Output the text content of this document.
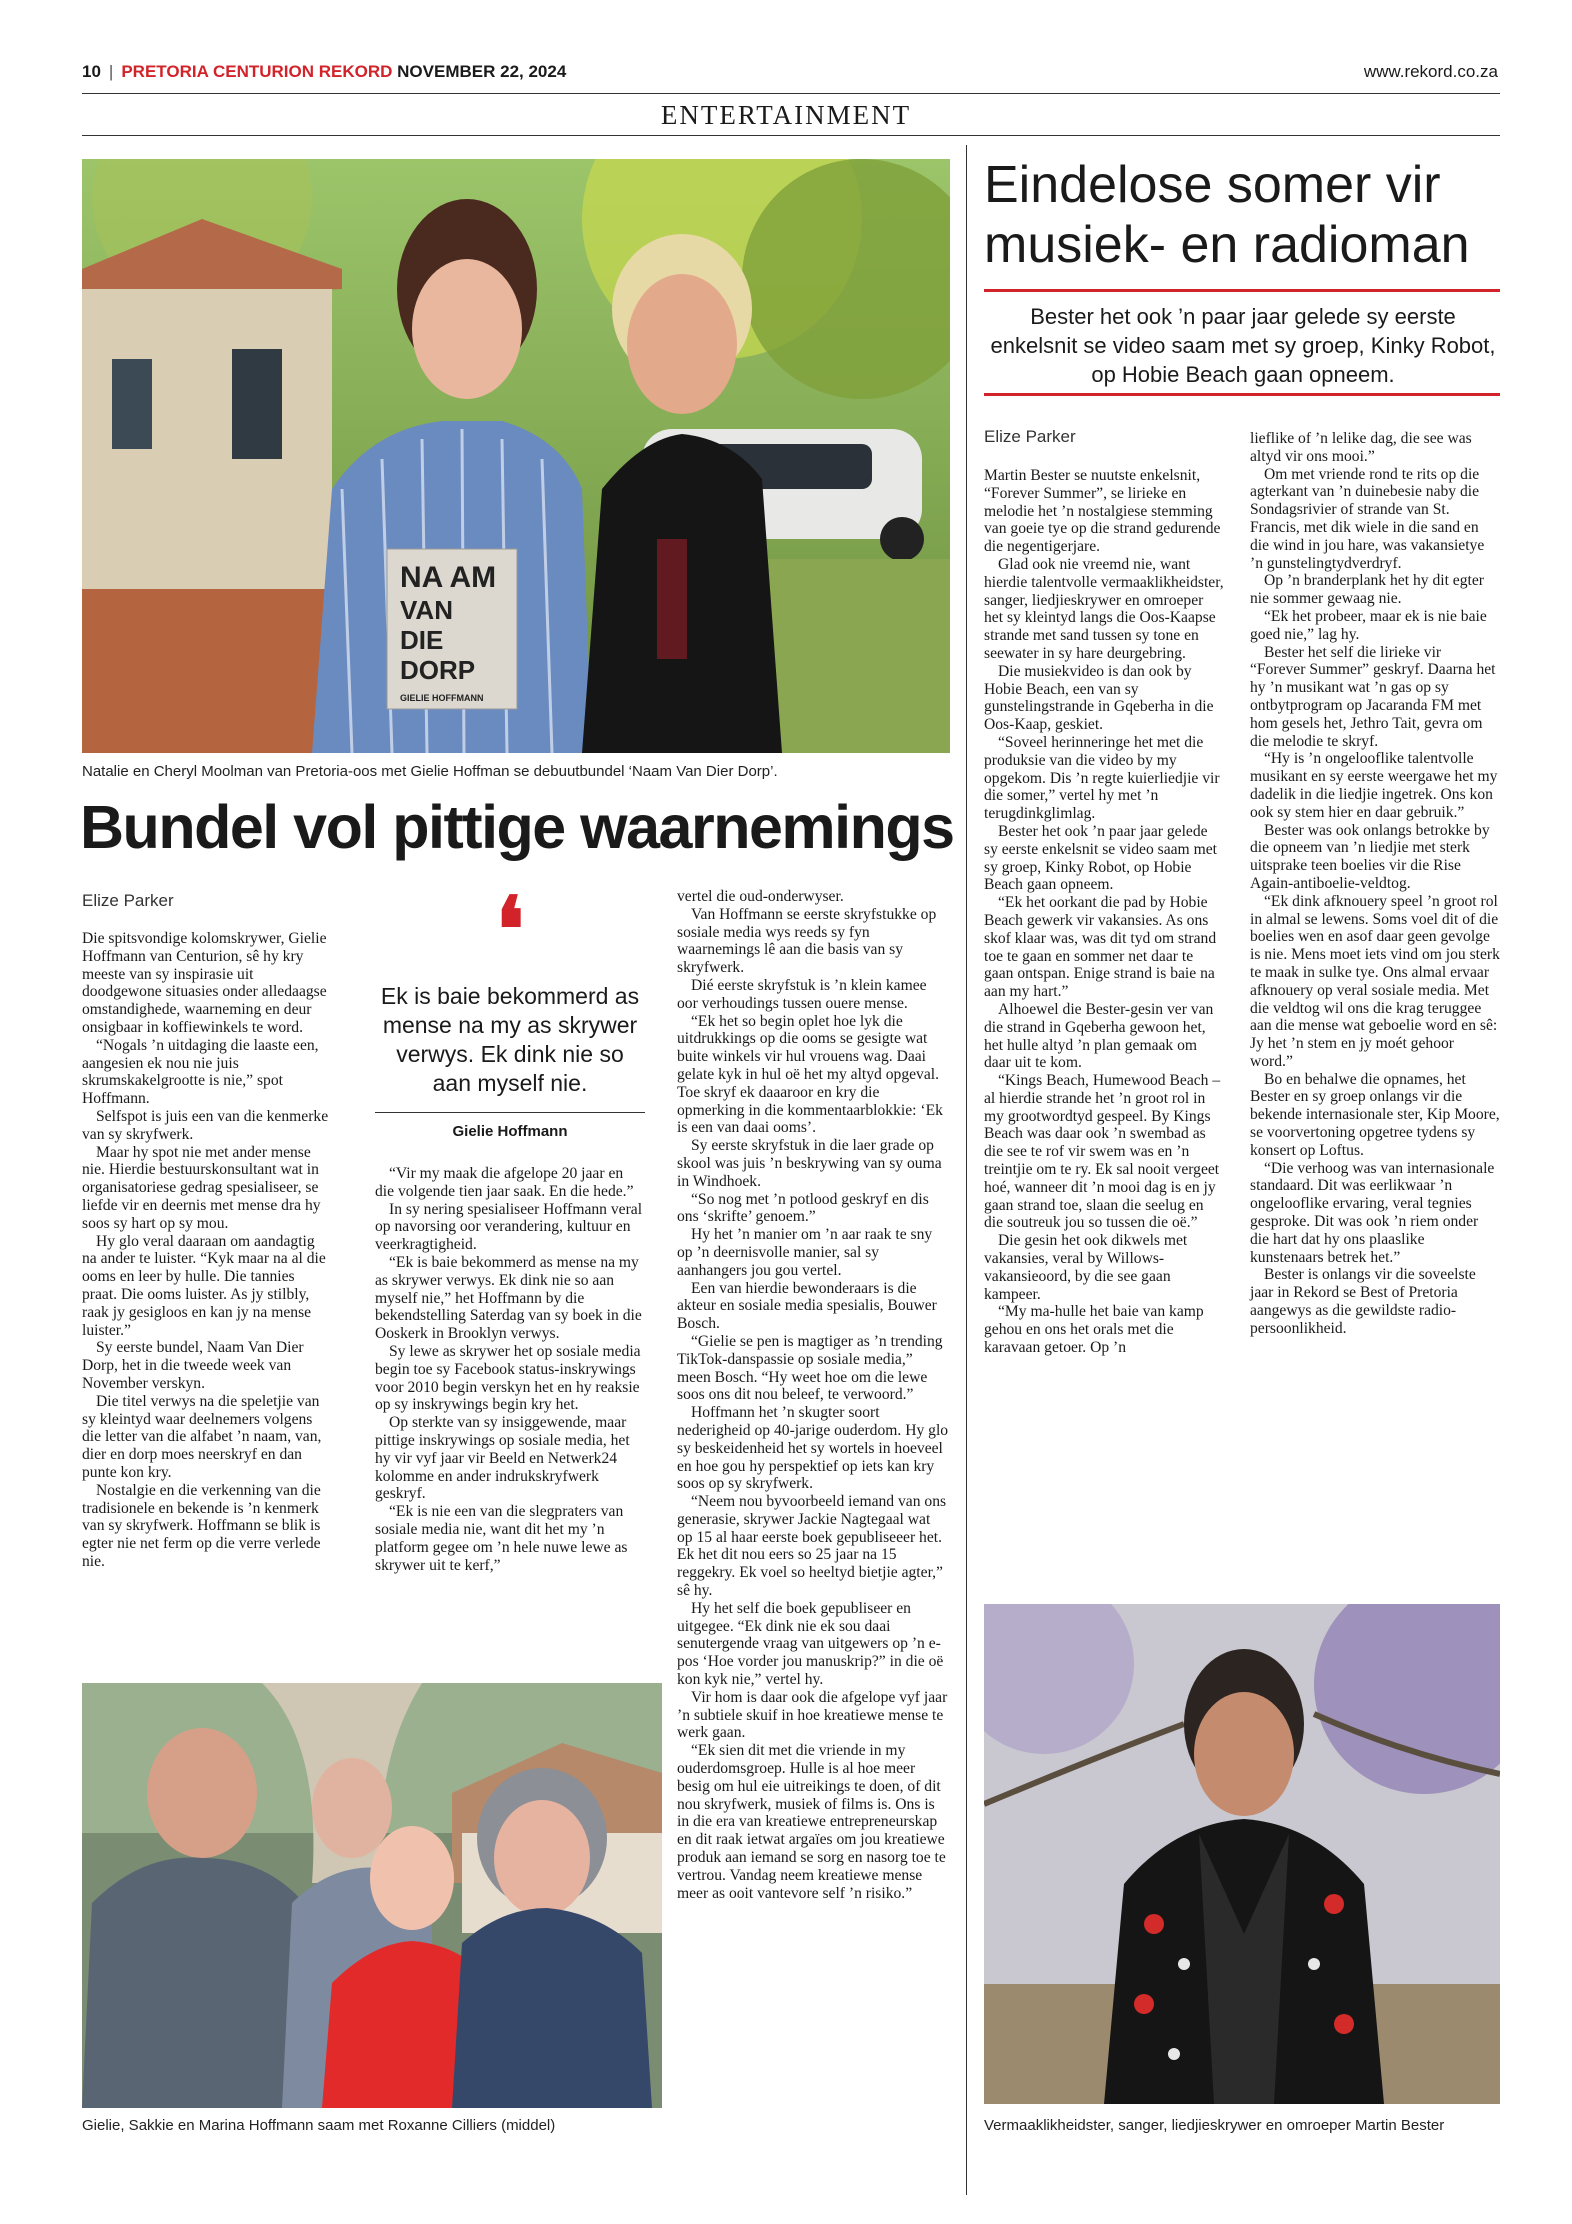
10 | PRETORIA CENTURION REKORD NOVEMBER 22, 2024	www.rekord.co.za
ENTERTAINMENT
NA AM
VAN
DIE
DORP
GIELIE HOFFMANN
Natalie en Cheryl Moolman van Pretoria-oos met Gielie Hoffman se debuutbundel ‘Naam Van Dier Dorp’.
Bundel vol pittige waarnemings
Elize Parker

Die spitsvondige kolomskrywer, Gielie Hoffmann van Centurion, sê hy kry meeste van sy inspirasie uit doodgewone situasies onder alledaagse omstandighede, waarneming en deur onsigbaar in koffiewinkels te word.

“Nogals ’n uitdaging die laaste een, aangesien ek nou nie juis skrumskakelgrootte is nie,” spot Hoffmann.

Selfspot is juis een van die kenmerke van sy skryfwerk.

Maar hy spot nie met ander mense nie. Hierdie bestuurskonsultant wat in organisatoriese gedrag spesialiseer, se liefde vir en deernis met mense dra hy soos sy hart op sy mou.

Hy glo veral daaraan om aandagtig na ander te luister. “Kyk maar na al die ooms en leer by hulle. Die tannies praat. Die ooms luister. As jy stilbly, raak jy gesigloos en kan jy na mense luister.”

Sy eerste bundel, Naam Van Dier Dorp, het in die tweede week van November verskyn.

Die titel verwys na die speletjie van sy kleintyd waar deelnemers volgens die letter van die alfabet ’n naam, van, dier en dorp moes neerskryf en dan punte kon kry.

Nostalgie en die verkenning van die tradisionele en bekende is ’n kenmerk van sy skryfwerk. Hoffmann se blik is egter nie net ferm op die verre verlede nie.

❛
Ek is baie bekommerd as mense na my as skrywer verwys. Ek dink nie so aan myself nie.
Gielie Hoffmann

“Vir my maak die afgelope 20 jaar en die volgende tien jaar saak. En die hede.”

In sy nering spesialiseer Hoffmann veral op navorsing oor verandering, kultuur en veerkragtigheid.

“Ek is baie bekommerd as mense na my as skrywer verwys. Ek dink nie so aan myself nie,” het Hoffmann by die bekendstelling Saterdag van sy boek in die Ooskerk in Brooklyn verwys.

Sy lewe as skrywer het op sosiale media begin toe sy Facebook status-inskrywings voor 2010 begin verskyn het en hy reaksie op sy inskrywings begin kry het.

Op sterkte van sy insiggewende, maar pittige inskrywings op sosiale media, het hy vir vyf jaar vir Beeld en Netwerk24 kolomme en ander indrukskryfwerk geskryf.

“Ek is nie een van die slegpraters van sosiale media nie, want dit het my ’n platform gegee om ’n hele nuwe lewe as skrywer uit te kerf,”

vertel die oud-onderwyser.

Van Hoffmann se eerste skryfstukke op sosiale media wys reeds sy fyn waarnemings lê aan die basis van sy skryfwerk.

Dié eerste skryfstuk is ’n klein kamee oor verhoudings tussen ouere mense.

“Ek het so begin oplet hoe lyk die uitdrukkings op die ooms se gesigte wat buite winkels vir hul vrouens wag. Daai gelate kyk in hul oë het my altyd opgeval. Toe skryf ek daaaroor en kry die opmerking in die kommentaarblokkie: ‘Ek is een van daai ooms’.

Sy eerste skryfstuk in die laer grade op skool was juis ’n beskrywing van sy ouma in Windhoek.

“So nog met ’n potlood geskryf en dis ons ‘skrifte’ genoem.”

Hy het ’n manier om ’n aar raak te sny op ’n deernisvolle manier, sal sy aanhangers jou gou vertel.

Een van hierdie bewonderaars is die akteur en sosiale media spesialis, Bouwer Bosch.

“Gielie se pen is magtiger as ’n trending TikTok-danspassie op sosiale media,” meen Bosch. “Hy weet hoe om die lewe soos ons dit nou beleef, te verwoord.”

Hoffmann het ’n skugter soort nederigheid op 40-jarige ouderdom. Hy glo sy beskeidenheid het sy wortels in hoeveel en hoe gou hy perspektief op iets kan kry soos op sy skryfwerk.

“Neem nou byvoorbeeld iemand van ons generasie, skrywer Jackie Nagtegaal wat op 15 al haar eerste boek gepubliseeer het. Ek het dit nou eers so 25 jaar na 15 reggekry. Ek voel so heeltyd bietjie agter,” sê hy.

Hy het self die boek gepubliseer en uitgegee. “Ek dink nie ek sou daai senutergende vraag van uitgewers op ’n e-pos ‘Hoe vorder jou manuskrip?” in die oë kon kyk nie,” vertel hy.

Vir hom is daar ook die afgelope vyf jaar ’n subtiele skuif in hoe kreatiewe mense te werk gaan.

“Ek sien dit met die vriende in my ouderdomsgroep. Hulle is al hoe meer besig om hul eie uitreikings te doen, of dit nou skryfwerk, musiek of films is. Ons is in die era van kreatiewe entrepreneurskap en dit raak ietwat argaïes om jou kreatiewe produk aan iemand se sorg en nasorg toe te vertrou. Vandag neem kreatiewe mense meer as ooit vantevore self ’n risiko.”

Gielie, Sakkie en Marina Hoffmann saam met Roxanne Cilliers (middel)
Eindelose somer vir
musiek- en radioman
Bester het ook ’n paar jaar gelede sy eerste enkelsnit se video saam met sy groep, Kinky Robot, op Hobie Beach gaan opneem.
Elize Parker

Martin Bester se nuutste enkelsnit, “Forever Summer”, se lirieke en melodie het ’n nostalgiese stemming van goeie tye op die strand gedurende die negentigerjare.

Glad ook nie vreemd nie, want hierdie talentvolle vermaaklikheidster, sanger, liedjieskrywer en omroeper het sy kleintyd langs die Oos-Kaapse strande met sand tussen sy tone en seewater in sy hare deurgebring.

Die musiekvideo is dan ook by Hobie Beach, een van sy gunstelingstrande in Gqeberha in die Oos-Kaap, geskiet.

“Soveel herinneringe het met die produksie van die video by my opgekom. Dis ’n regte kuierliedjie vir die somer,” vertel hy met ’n terugdinkglimlag.

Bester het ook ’n paar jaar gelede sy eerste enkelsnit se video saam met sy groep, Kinky Robot, op Hobie Beach gaan opneem.

“Ek het oorkant die pad by Hobie Beach gewerk vir vakansies. As ons skof klaar was, was dit tyd om strand toe te gaan en sommer net daar te gaan ontspan. Enige strand is baie na aan my hart.”

Alhoewel die Bester-gesin ver van die strand in Gqeberha gewoon het, het hulle altyd ’n plan gemaak om daar uit te kom.

“Kings Beach, Humewood Beach – al hierdie strande het ’n groot rol in my grootwordtyd gespeel. By Kings Beach was daar ook ’n swembad as die see te rof vir swem was en ’n treintjie om te ry. Ek sal nooit vergeet hoé, wanneer dit ’n mooi dag is en jy gaan strand toe, slaan die seelug en die soutreuk jou so tussen die oë.”

Die gesin het ook dikwels met vakansies, veral by Willows-vakansieoord, by die see gaan kampeer.

“My ma-hulle het baie van kamp gehou en ons het orals met die karavaan getoer. Op ’n

lieflike of ’n lelike dag, die see was altyd vir ons mooi.”

Om met vriende rond te rits op die agterkant van ’n duinebesie naby die Sondagsrivier of strande van St. Francis, met dik wiele in die sand en die wind in jou hare, was vakansietye ’n gunstelingtydverdryf.

Op ’n branderplank het hy dit egter nie sommer gewaag nie.

“Ek het probeer, maar ek is nie baie goed nie,” lag hy.

Bester het self die lirieke vir “Forever Summer” geskryf. Daarna het hy ’n musikant wat ’n gas op sy ontbytprogram op Jacaranda FM met hom gesels het, Jethro Tait, gevra om die melodie te skryf.

“Hy is ’n ongelooflike talentvolle musikant en sy eerste weergawe het my dadelik in die liedjie ingetrek. Ons kon ook sy stem hier en daar gebruik.”

Bester was ook onlangs betrokke by die opneem van ’n liedjie met sterk uitsprake teen boelies vir die Rise Again-antiboelie-veldtog.

“Ek dink afknouery speel ’n groot rol in almal se lewens. Soms voel dit of die boelies wen en asof daar geen gevolge is nie. Mens moet iets vind om jou sterk te maak in sulke tye. Ons almal ervaar afknouery op veral sosiale media. Met die veldtog wil ons die krag teruggee aan die mense wat geboelie word en sê: Jy het ’n stem en jy moét gehoor word.”

Bo en behalwe die opnames, het Bester en sy groep onlangs vir die bekende internasionale ster, Kip Moore, se voorvertoning opgetree tydens sy konsert op Loftus.

“Die verhoog was van internasionale standaard. Dit was eerlikwaar ’n ongelooflike ervaring, veral tegnies gesproke. Dit was ook ’n riem onder die hart dat hy ons plaaslike kunstenaars betrek het.”

Bester is onlangs vir die soveelste jaar in Rekord se Best of Pretoria aangewys as die gewildste radio-persoonlikheid.

Vermaaklikheidster, sanger, liedjieskrywer en omroeper Martin Bester
